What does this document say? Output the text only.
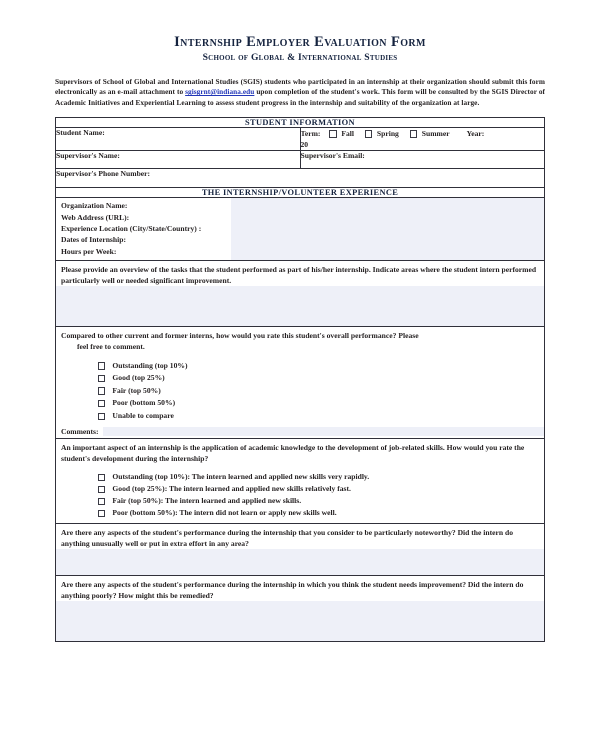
Internship Employer Evaluation Form
School of Global & International Studies

Supervisors of School of Global and International Studies (SGIS) students who participated in an internship at their organization should submit this form electronically as an e-mail attachment to sgisgrnt@indiana.edu upon completion of the student's work. This form will be consulted by the SGIS Director of Academic Initiatives and Experiential Learning to assess student progress in the internship and suitability of the organization at large.

STUDENT INFORMATION	
Student Name:	Term:	Fall	Spring	Summer Year:
20

Supervisor's Name:	Supervisor's Email:
Supervisor's Phone Number:	
THE INTERNSHIP/VOLUNTEER EXPERIENCE	

Organization Name:
Web Address (URL):
Experience Location (City/State/Country) :
Dates of Internship:
Hours per Week:	

Please provide an overview of the tasks that the student performed as part of his/her internship. Indicate areas where the student intern performed particularly well or needed significant improvement.	

Compared to other current and former interns, how would you rate this student's overall performance? Please
feel free to comment.
Outstanding (top 10%)
Good (top 25%)
Fair (top 50%)
Poor (bottom 50%)
Unable to compare
Comments:

An important aspect of an internship is the application of academic knowledge to the development of job-related skills. How would you rate the student's development during the internship?
Outstanding (top 10%): The intern learned and applied new skills very rapidly.
Good (top 25%): The intern learned and applied new skills relatively fast.
Fair (top 50%): The intern learned and applied new skills.
Poor (bottom 50%): The intern did not learn or apply new skills well.	

Are there any aspects of the student's performance during the internship that you consider to be particularly noteworthy? Did the intern do anything unusually well or put in extra effort in any area?	

Are there any aspects of the student's performance during the internship in which you think the student needs improvement? Did the intern do anything poorly? How might this be remedied?	
